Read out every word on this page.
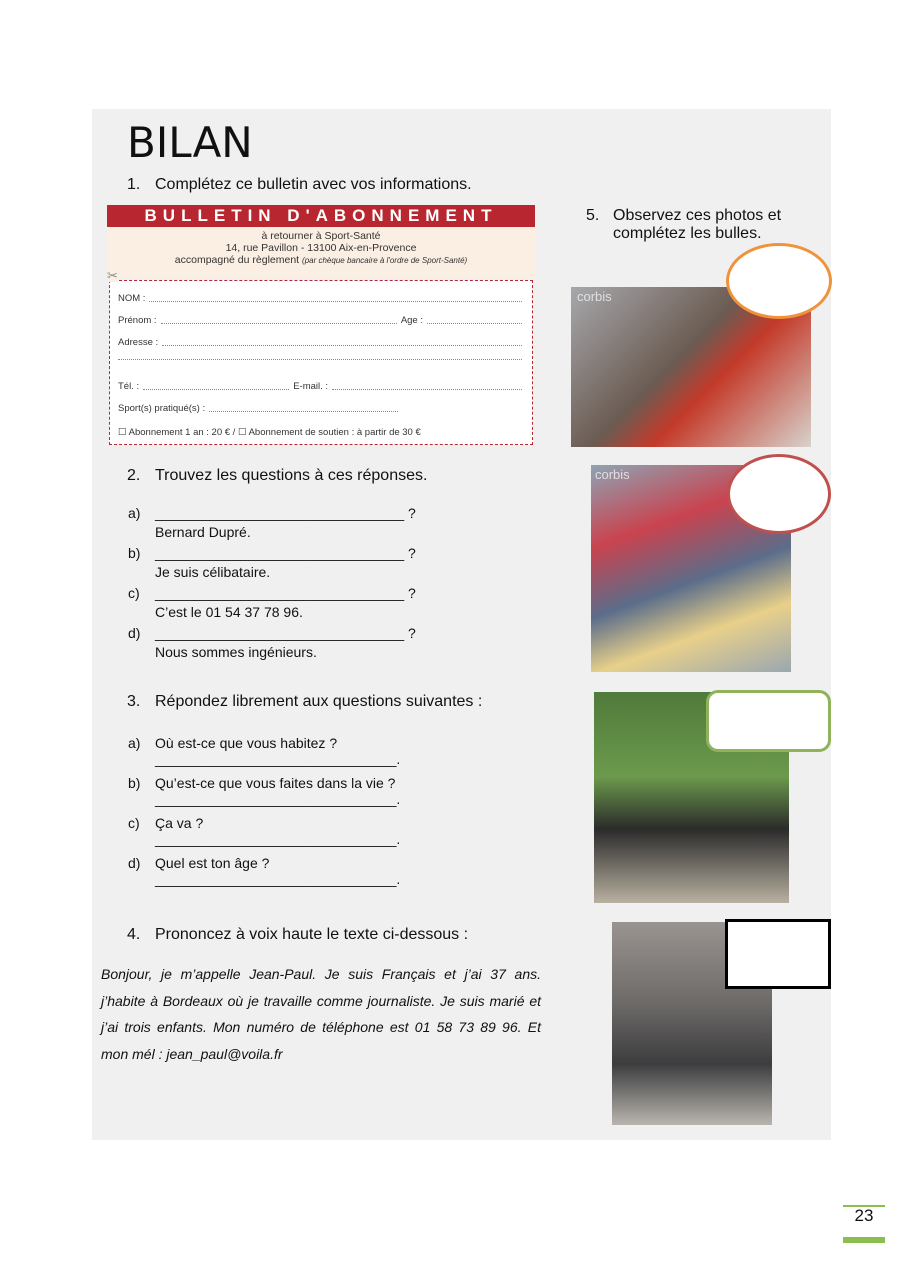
BILAN
1. Complétez ce bulletin avec vos informations.
BULLETIN D'ABONNEMENT
à retourner à Sport-Santé
14, rue Pavillon - 13100 Aix-en-Provence
accompagné du règlement (par chèque bancaire à l'ordre de Sport-Santé)
NOM :
Prénom :	Age :
Adresse :
Tél. :	E-mail. :
Sport(s) pratiqué(s) :
☐ Abonnement 1 an : 20 € / ☐ Abonnement de soutien : à partir de 30 €
✂
2. Trouvez les questions à ces réponses.
a) ________________________________ ?
Bernard Dupré.
b) ________________________________ ?
Je suis célibataire.
c) ________________________________ ?
C’est le 01 54 37 78 96.
d) ________________________________ ?
Nous sommes ingénieurs.
3. Répondez librement aux questions suivantes :
a) Où est-ce que vous habitez ?
_______________________________.
b) Qu’est-ce que vous faites dans la vie ?
_______________________________.
c) Ça va ?
_______________________________.
d) Quel est ton âge ?
_______________________________.
4. Prononcez à voix haute le texte ci-dessous :
Bonjour, je m’appelle Jean-Paul. Je suis Français et j’ai 37 ans. j’habite à Bordeaux où je travaille comme journaliste. Je suis marié et j’ai trois enfants. Mon numéro de téléphone est 01 58 73 89 96. Et mon mél : jean_paul@voila.fr
5. Observez ces photos et complétez les bulles.
corbis
corbis
23
